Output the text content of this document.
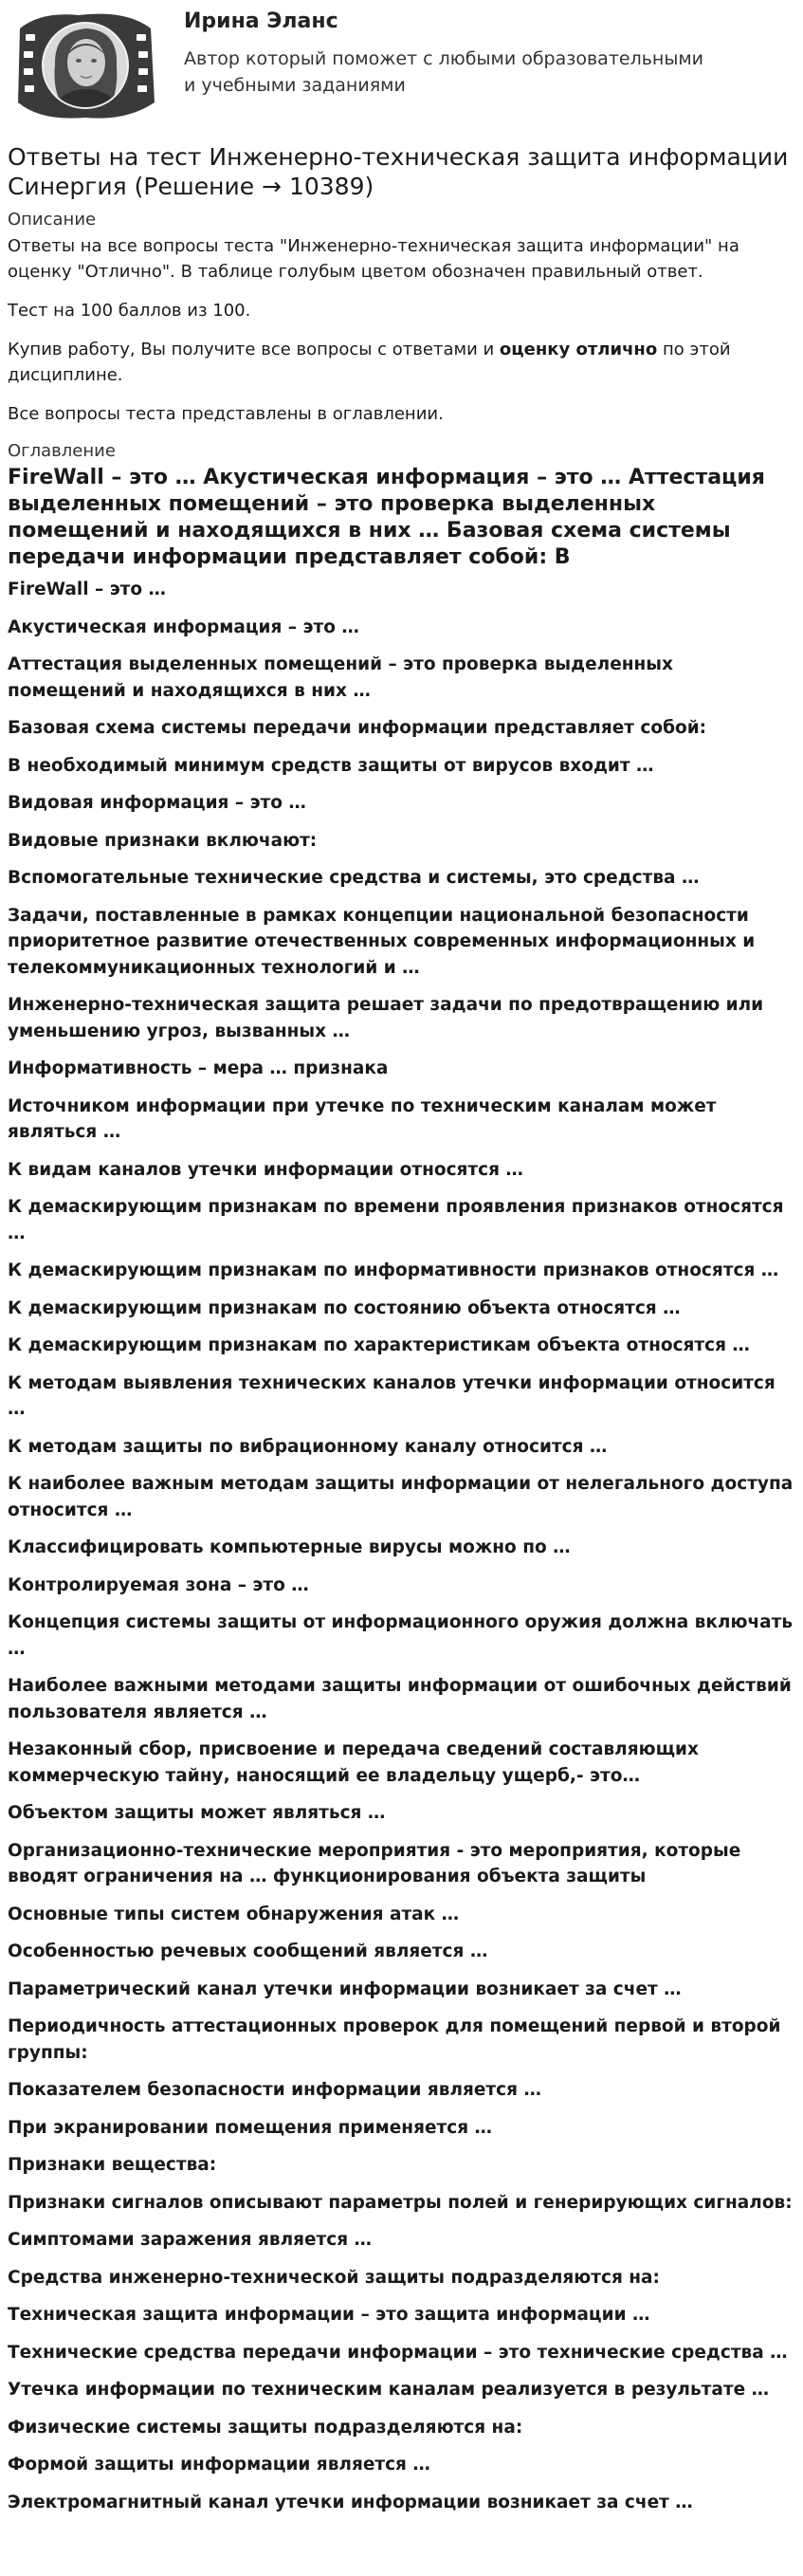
Ирина Эланс

Автор который поможет с любыми образовательными и учебными заданиями

Ответы на тест Инженерно-техническая защита информации Синергия (Решение → 10389)
Описание

Ответы на все вопросы теста "Инженерно-техническая защита информации" на оценку "Отлично". В таблице голубым цветом обозначен правильный ответ.

Тест на 100 баллов из 100.

Купив работу, Вы получите все вопросы с ответами и оценку отлично по этой дисциплине.

Все вопросы теста представлены в оглавлении.

Оглавление
FireWall – это … Акустическая информация – это … Аттестация выделенных помещений – это проверка выделенных помещений и находящихся в них … Базовая схема системы передачи информации представляет собой: В
FireWall – это …
Акустическая информация – это …
Аттестация выделенных помещений – это проверка выделенных помещений и находящихся в них …
Базовая схема системы передачи информации представляет собой:
В необходимый минимум средств защиты от вирусов входит …
Видовая информация – это …
Видовые признаки включают:
Вспомогательные технические средства и системы, это средства …
Задачи, поставленные в рамках концепции национальной безопасности приоритетное развитие отечественных современных информационных и телекоммуникационных технологий и …
Инженерно-техническая защита решает задачи по предотвращению или уменьшению угроз, вызванных …
Информативность – мера … признака
Источником информации при утечке по техническим каналам может являться …
К видам каналов утечки информации относятся …
К демаскирующим признакам по времени проявления признаков относятся …
К демаскирующим признакам по информативности признаков относятся …
К демаскирующим признакам по состоянию объекта относятся …
К демаскирующим признакам по характеристикам объекта относятся …
К методам выявления технических каналов утечки информации относится …
К методам защиты по вибрационному каналу относится …
К наиболее важным методам защиты информации от нелегального доступа относится …
Классифицировать компьютерные вирусы можно по …
Контролируемая зона – это …
Концепция системы защиты от информационного оружия должна включать …
Наиболее важными методами защиты информации от ошибочных действий пользователя является …
Незаконный сбор, присвоение и передача сведений составляющих коммерческую тайну, наносящий ее владельцу ущерб,- это…
Объектом защиты может являться …
Организационно-технические мероприятия - это мероприятия, которые вводят ограничения на … функционирования объекта защиты
Основные типы систем обнаружения атак …
Особенностью речевых сообщений является …
Параметрический канал утечки информации возникает за счет …
Периодичность аттестационных проверок для помещений первой и второй группы:
Показателем безопасности информации является …
При экранировании помещения применяется …
Признаки вещества:
Признаки сигналов описывают параметры полей и генерирующих сигналов:
Симптомами заражения является …
Средства инженерно-технической защиты подразделяются на:
Техническая защита информации – это защита информации …
Технические средства передачи информации – это технические средства …
Утечка информации по техническим каналам реализуется в результате …
Физические системы защиты подразделяются на:
Формой защиты информации является …
Электромагнитный канал утечки информации возникает за счет …
